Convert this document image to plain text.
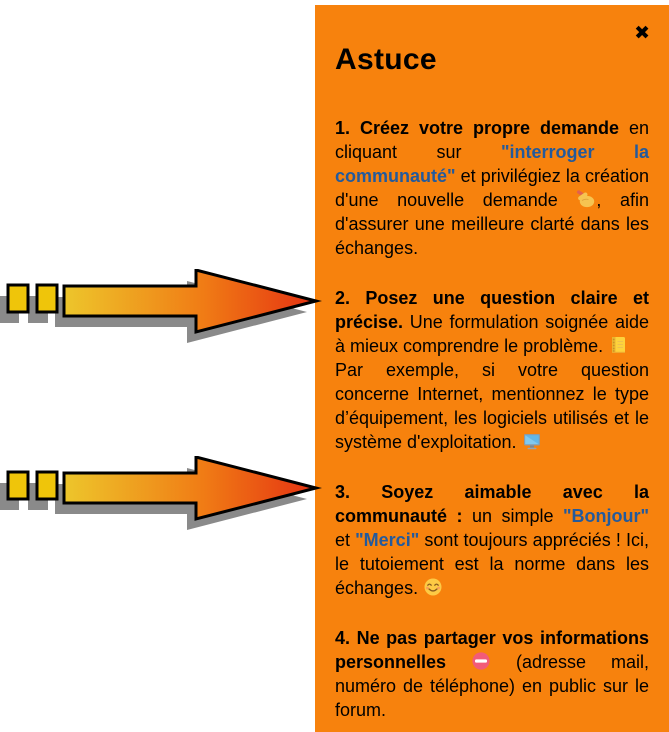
✖
Astuce

1. Créez votre propre demande en cliquant sur "interroger la communauté" et privilégiez la création d'une nouvelle demande
, afin d'assurer une meilleure clarté dans les échanges.

2. Posez une question claire et précise. Une formulation soignée aide à mieux comprendre le problème.

Par exemple, si votre question concerne Internet, mentionnez le type d’équipement, les logiciels utilisés et le système d'exploitation.

3. Soyez aimable avec la communauté : un simple "Bonjour" et "Merci" sont toujours appréciés ! Ici, le tutoiement est la norme dans les échanges.

4. Ne pas partager vos informations personnelles
(adresse mail, numéro de téléphone) en public sur le forum.
